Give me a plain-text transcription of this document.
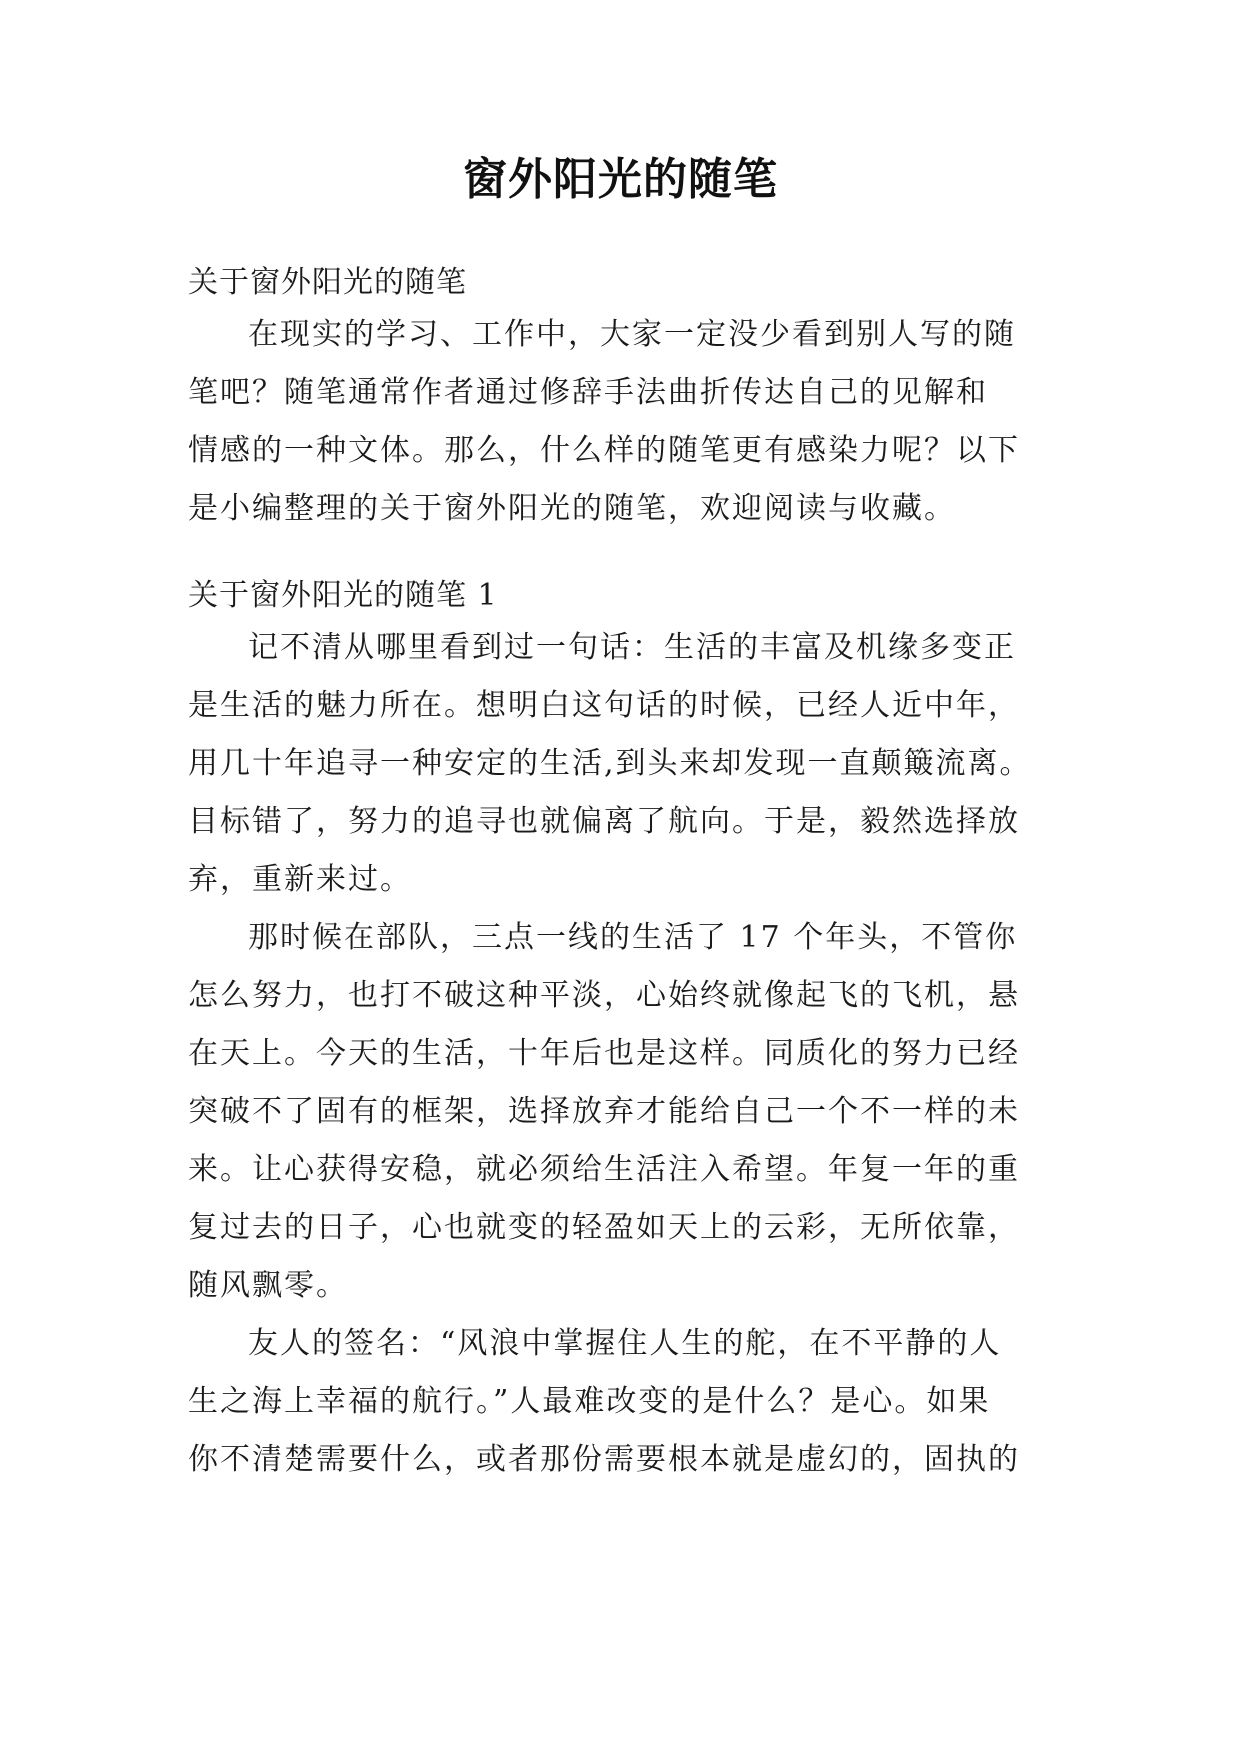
窗外阳光的随笔
关于窗外阳光的随笔
在现实的学习、工作中，大家一定没少看到别人写的随
笔吧？随笔通常作者通过修辞手法曲折传达自己的见解和
情感的一种文体。那么，什么样的随笔更有感染力呢？以下
是小编整理的关于窗外阳光的随笔，欢迎阅读与收藏。
关于窗外阳光的随笔 1
记不清从哪里看到过一句话：生活的丰富及机缘多变正
是生活的魅力所在。想明白这句话的时候，已经人近中年，
用几十年追寻一种安定的生活,到头来却发现一直颠簸流离。
目标错了，努力的追寻也就偏离了航向。于是，毅然选择放
弃，重新来过。
那时候在部队，三点一线的生活了 17 个年头，不管你
怎么努力，也打不破这种平淡，心始终就像起飞的飞机，悬
在天上。今天的生活，十年后也是这样。同质化的努力已经
突破不了固有的框架，选择放弃才能给自己一个不一样的未
来。让心获得安稳，就必须给生活注入希望。年复一年的重
复过去的日子，心也就变的轻盈如天上的云彩，无所依靠，
随风飘零。
友人的签名：“风浪中掌握住人生的舵，在不平静的人
生之海上幸福的航行。”人最难改变的是什么？是心。如果
你不清楚需要什么，或者那份需要根本就是虚幻的，固执的
